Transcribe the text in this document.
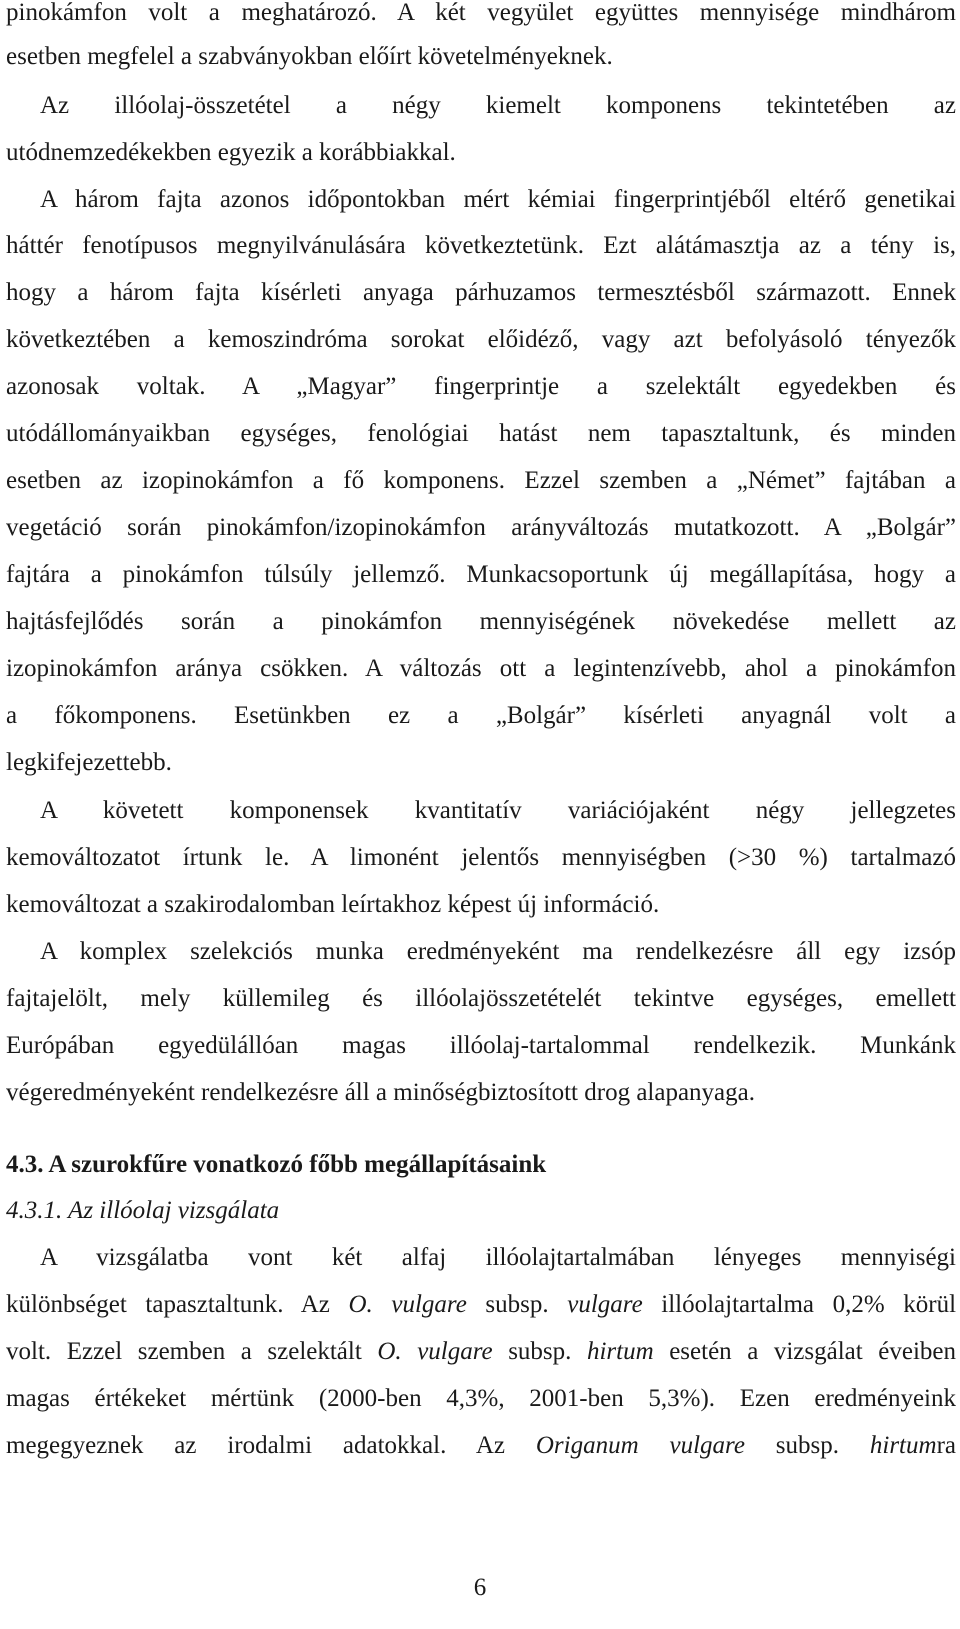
pinokámfon volt a meghatározó. A két vegyület együttes mennyisége mindhárom
esetben megfelel a szabványokban előírt követelményeknek.
Az illóolaj-összetétel a négy kiemelt komponens tekintetében az
utódnemzedékekben egyezik a korábbiakkal.
A három fajta azonos időpontokban mért kémiai fingerprintjéből eltérő genetikai
háttér fenotípusos megnyilvánulására következtetünk. Ezt alátámasztja az a tény is,
hogy a három fajta kísérleti anyaga párhuzamos termesztésből származott. Ennek
következtében a kemoszindróma sorokat előidéző, vagy azt befolyásoló tényezők
azonosak voltak. A „Magyar” fingerprintje a szelektált egyedekben és
utódállományaikban egységes, fenológiai hatást nem tapasztaltunk, és minden
esetben az izopinokámfon a fő komponens. Ezzel szemben a „Német” fajtában a
vegetáció során pinokámfon/izopinokámfon arányváltozás mutatkozott. A „Bolgár”
fajtára a pinokámfon túlsúly jellemző. Munkacsoportunk új megállapítása, hogy a
hajtásfejlődés során a pinokámfon mennyiségének növekedése mellett az
izopinokámfon aránya csökken. A változás ott a legintenzívebb, ahol a pinokámfon
a főkomponens. Esetünkben ez a „Bolgár” kísérleti anyagnál volt a
legkifejezettebb.
A követett komponensek kvantitatív variációjaként négy jellegzetes
kemováltozatot írtunk le. A limonént jelentős mennyiségben (>30 %) tartalmazó
kemováltozat a szakirodalomban leírtakhoz képest új információ.
A komplex szelekciós munka eredményeként ma rendelkezésre áll egy izsóp
fajtajelölt, mely küllemileg és illóolajösszetételét tekintve egységes, emellett
Európában egyedülállóan magas illóolaj-tartalommal rendelkezik. Munkánk
végeredményeként rendelkezésre áll a minőségbiztosított drog alapanyaga.
4.3. A szurokfűre vonatkozó főbb megállapításaink
4.3.1. Az illóolaj vizsgálata
A vizsgálatba vont két alfaj illóolajtartalmában lényeges mennyiségi
különbséget tapasztaltunk. Az O. vulgare subsp. vulgare illóolajtartalma 0,2% körül
volt. Ezzel szemben a szelektált O. vulgare subsp. hirtum esetén a vizsgálat éveiben
magas értékeket mértünk (2000-ben 4,3%, 2001-ben 5,3%). Ezen eredményeink
megegyeznek az irodalmi adatokkal. Az Origanum vulgare subsp. hirtumra
6
